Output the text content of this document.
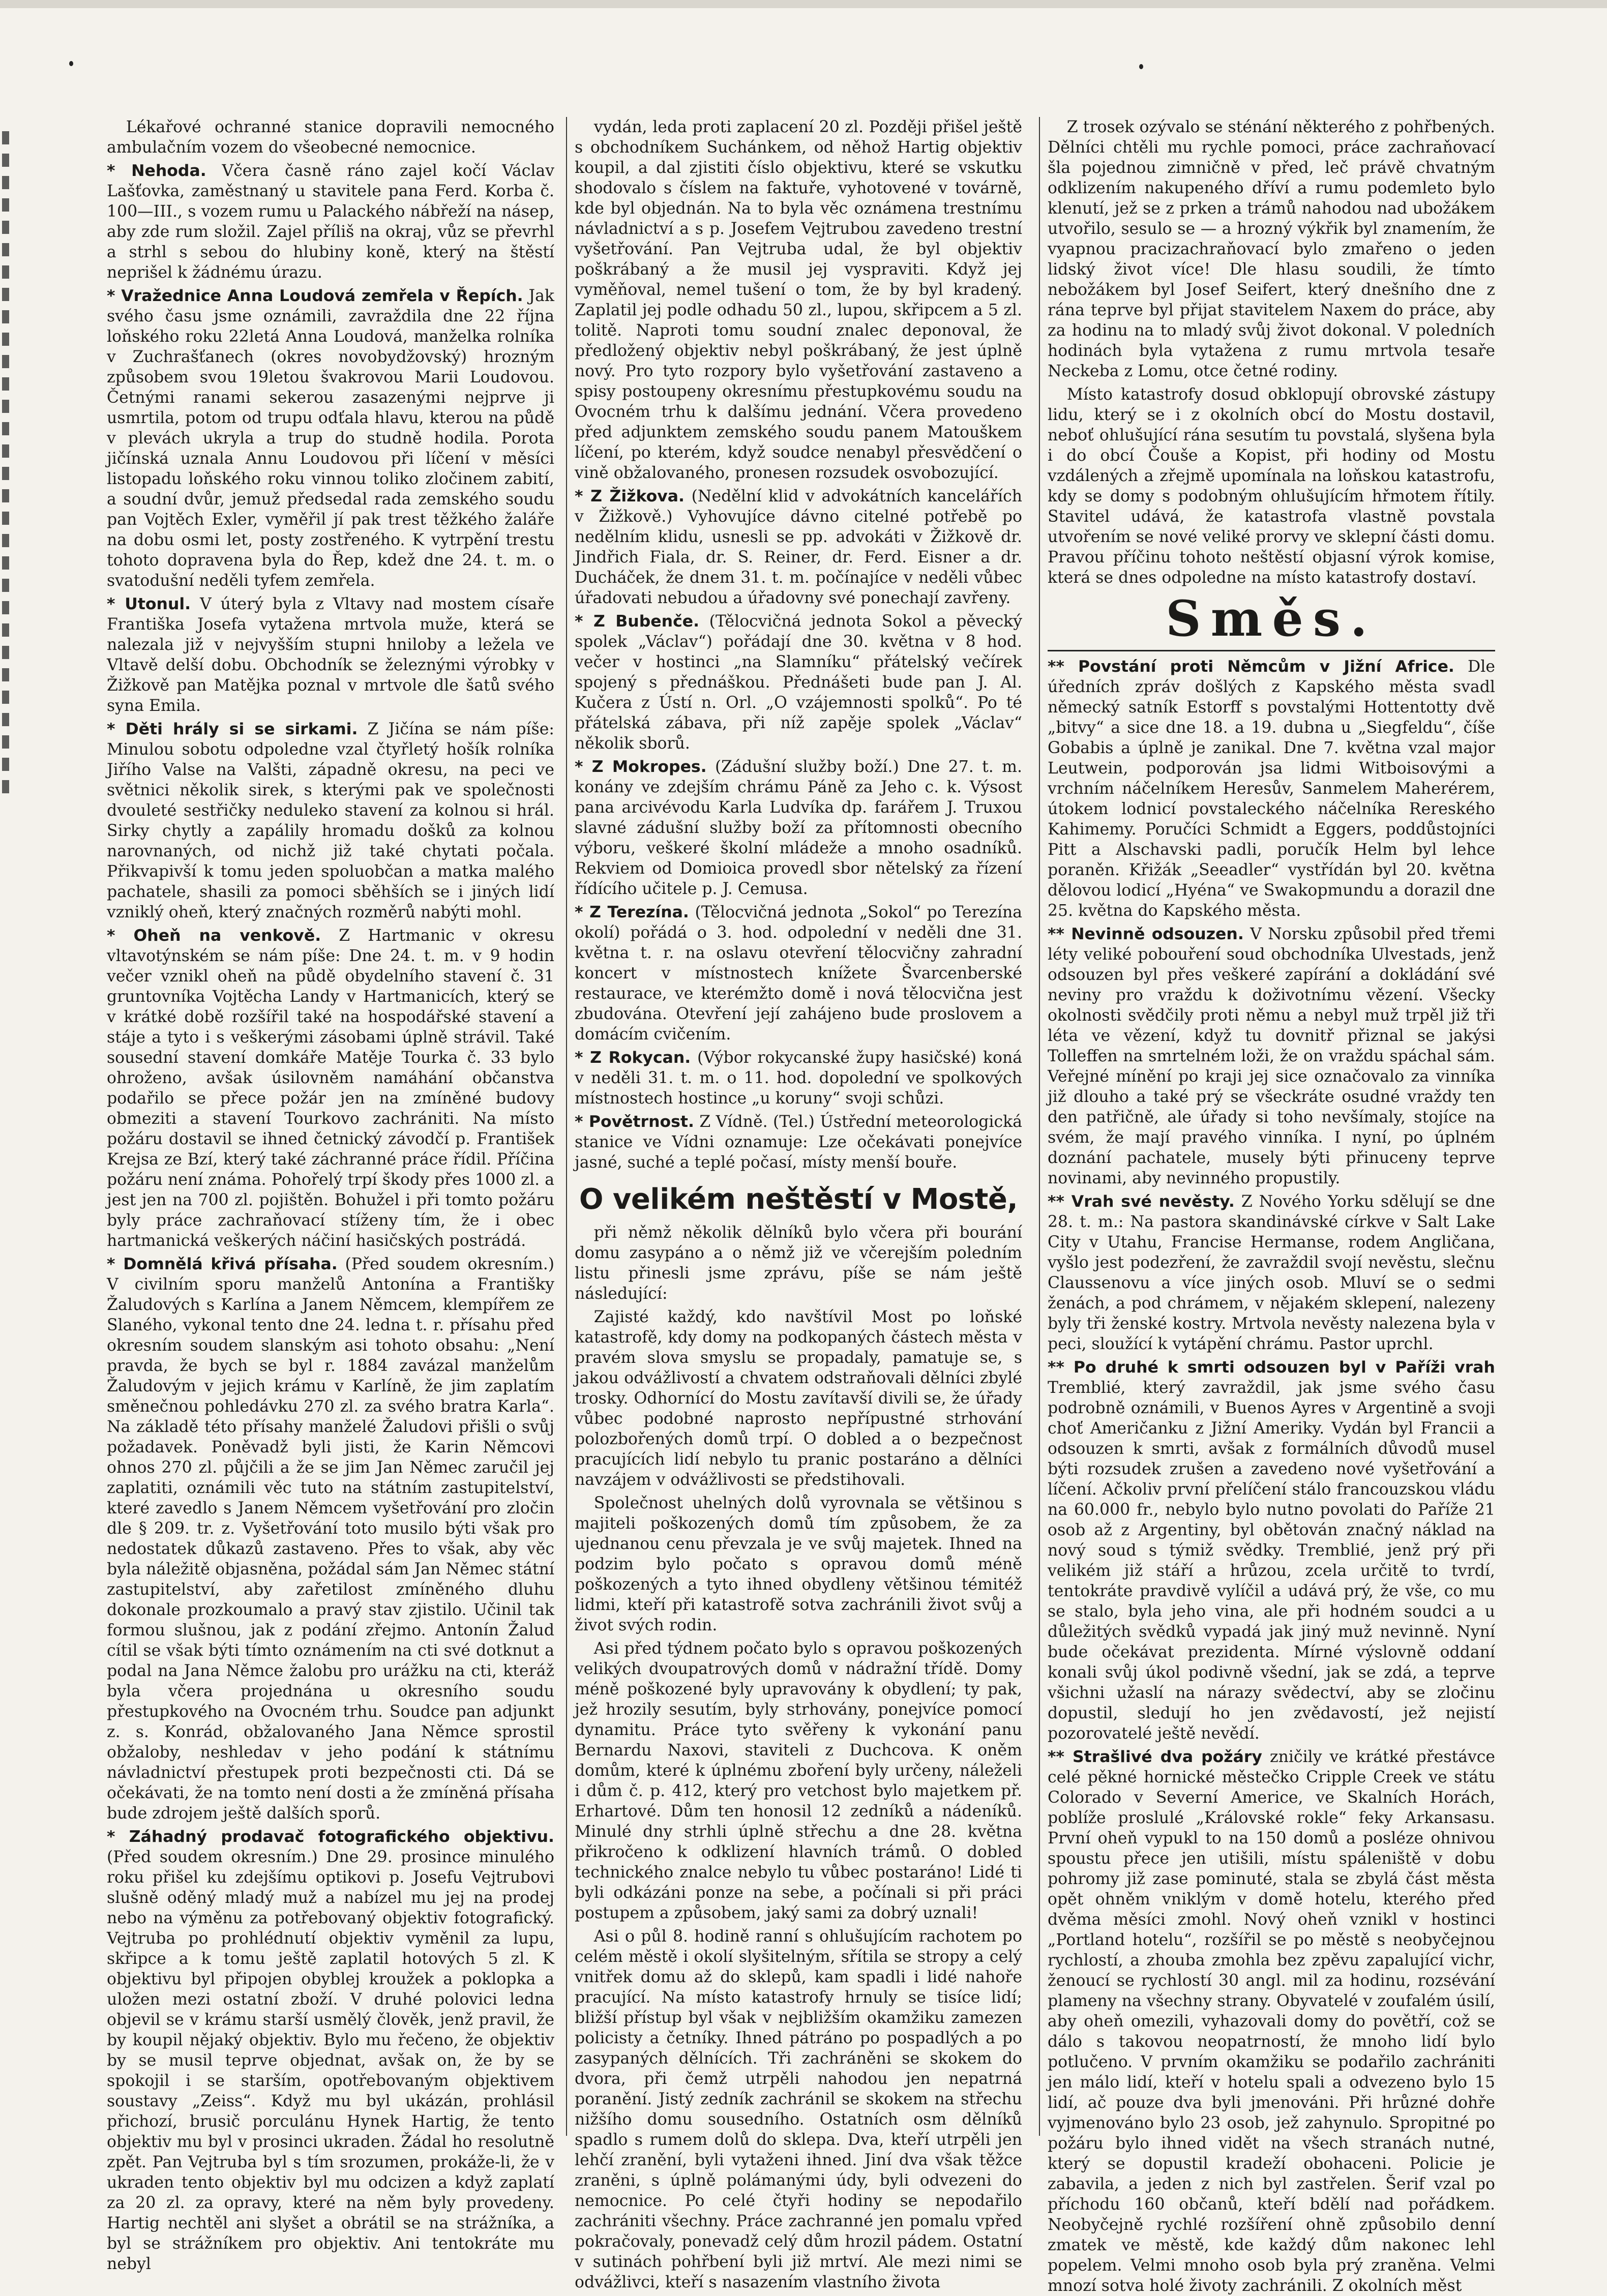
Lékařové ochranné stanice dopravili nemocného ambulačním vozem do všeobecné nemocnice.

* Nehoda. Včera časně ráno zajel kočí Václav Lašťovka, zaměstnaný u stavitele pana Ferd. Korba č. 100—III., s vozem rumu u Palackého nábřeží na násep, aby zde rum složil. Zajel příliš na okraj, vůz se převrhl a strhl s sebou do hlubiny koně, který na štěstí neprišel k žádnému úrazu.

* Vražednice Anna Loudová zemřela v Řepích. Jak svého času jsme oznámili, zavraždila dne 22 října loňského roku 22letá Anna Loudová, manželka rolníka v Zuchrašťanech (okres novobydžovský) hrozným způsobem svou 19letou švakrovou Marii Loudovou. Četnými ranami sekerou zasazenými nejprve ji usmrtila, potom od trupu odťala hlavu, kterou na půdě v plevách ukryla a trup do studně hodila. Porota jičínská uznala Annu Loudovou při líčení v měsíci listopadu loňského roku vinnou toliko zločinem zabití, a soudní dvůr, jemuž předsedal rada zemského soudu pan Vojtěch Exler, vyměřil jí pak trest těžkého žaláře na dobu osmi let, posty zostřeného. K vytrpění trestu tohoto dopravena byla do Řep, kdež dne 24. t. m. o svatodušní neděli tyfem zemřela.

* Utonul. V úterý byla z Vltavy nad mostem císaře Františka Josefa vytažena mrtvola muže, která se nalezala již v nejvyšším stupni hniloby a ležela ve Vltavě delší dobu. Obchodník se železnými výrobky v Žižkově pan Matějka poznal v mrtvole dle šatů svého syna Emila.

* Děti hrály si se sirkami. Z Jičína se nám píše: Minulou sobotu odpoledne vzal čtyřletý hošík rolníka Jiřího Valse na Valšti, západně okresu, na peci ve světnici několik sirek, s kterými pak ve společnosti dvouleté sestřičky neduleko stavení za kolnou si hrál. Sirky chytly a zapálily hromadu došků za kolnou narovnaných, od nichž již také chytati počala. Přikvapivší k tomu jeden spoluobčan a matka malého pachatele, shasili za pomoci sběhších se i jiných lidí vzniklý oheň, který značných rozměrů nabýti mohl.

* Oheň na venkově. Z Hartmanic v okresu vltavotýnském se nám píše: Dne 24. t. m. v 9 hodin večer vznikl oheň na půdě obydelního stavení č. 31 gruntovníka Vojtěcha Landy v Hartmanicích, který se v krátké době rozšířil také na hospodářské stavení a stáje a tyto i s veškerými zásobami úplně strávil. Také sousední stavení domkáře Matěje Tourka č. 33 bylo ohroženo, avšak úsilovněm namáhání občanstva podařilo se přece požár jen na zmíněné budovy obmeziti a stavení Tourkovo zachrániti. Na místo požáru dostavil se ihned četnický závodčí p. František Krejsa ze Bzí, který také záchranné práce řídil. Příčina požáru není známa. Pohořelý trpí škody přes 1000 zl. a jest jen na 700 zl. pojištěn. Bohužel i při tomto požáru byly práce zachraňovací stíženy tím, že i obec hartmanická veškerých náčiní hasičských postrádá.

* Domnělá křivá přísaha. (Před soudem okresním.) V civilním sporu manželů Antonína a Františky Žaludových s Karlína a Janem Němcem, klempířem ze Slaného, vykonal tento dne 24. ledna t. r. přísahu před okresním soudem slanským asi tohoto obsahu: „Není pravda, že bych se byl r. 1884 zavázal manželům Žaludovým v jejich krámu v Karlíně, že jim zaplatím směnečnou pohledávku 270 zl. za svého bratra Karla“. Na základě této přísahy manželé Žaludovi přišli o svůj požadavek. Poněvadž byli jisti, že Karin Němcovi ohnos 270 zl. půjčili a že se jim Jan Němec zaručil jej zaplatiti, oznámili věc tuto na státním zastupitelství, které zavedlo s Janem Němcem vyšetřování pro zločin dle § 209. tr. z. Vyšetřování toto musilo býti však pro nedostatek důkazů zastaveno. Přes to však, aby věc byla náležitě objasněna, požádal sám Jan Němec státní zastupitelství, aby zařetilost zmíněného dluhu dokonale prozkoumalo a pravý stav zjistilo. Učinil tak formou slušnou, jak z podání zřejmo. Antonín Žalud cítil se však býti tímto oznámením na cti své dotknut a podal na Jana Němce žalobu pro urážku na cti, kteráž byla včera projednána u okresního soudu přestupkového na Ovocném trhu. Soudce pan adjunkt z. s. Konrád, obžalovaného Jana Němce sprostil obžaloby, neshledav v jeho podání k státnímu návladnictví přestupek proti bezpečnosti cti. Dá se očekávati, že na tomto není dosti a že zmíněná přísaha bude zdrojem ještě dalších sporů.

* Záhadný prodavač fotografického objektivu. (Před soudem okresním.) Dne 29. prosince minulého roku přišel ku zdejšímu optikovi p. Josefu Vejtrubovi slušně oděný mladý muž a nabízel mu jej na prodej nebo na výměnu za potřebovaný objektiv fotografický. Vejtruba po prohlédnutí objektiv vyměnil za lupu, skřipce a k tomu ještě zaplatil hotových 5 zl. K objektivu byl připojen obyblej kroužek a poklopka a uložen mezi ostatní zboží. V druhé polovici ledna objevil se v krámu starší usmělý člověk, jenž pravil, že by koupil nějaký objektiv. Bylo mu řečeno, že objektiv by se musil teprve objednat, avšak on, že by se spokojil i se starším, opotřebovaným objektivem soustavy „Zeiss“. Když mu byl ukázán, prohlásil přichozí, brusič porculánu Hynek Hartig, že tento objektiv mu byl v prosinci ukraden. Žádal ho resolutně zpět. Pan Vejtruba byl s tím srozumen, prokáže-li, že v ukraden tento objektiv byl mu odcizen a když zaplatí za 20 zl. za opravy, které na něm byly provedeny. Hartig nechtěl ani slyšet a obrátil se na strážníka, a byl se strážníkem pro objektiv. Ani tentokráte mu nebyl

vydán, leda proti zaplacení 20 zl. Později přišel ještě s obchodníkem Suchánkem, od něhož Hartig objektiv koupil, a dal zjistiti číslo objektivu, které se vskutku shodovalo s číslem na faktuře, vyhotovené v továrně, kde byl objednán. Na to byla věc oznámena trestnímu návladnictví a s p. Josefem Vejtrubou zavedeno trestní vyšetřování. Pan Vejtruba udal, že byl objektiv poškrábaný a že musil jej vyspraviti. Když jej vyměňoval, nemel tušení o tom, že by byl kradený. Zaplatil jej podle odhadu 50 zl., lupou, skřipcem a 5 zl. tolitě. Naproti tomu soudní znalec deponoval, že předložený objektiv nebyl poškrábaný, že jest úplně nový. Pro tyto rozpory bylo vyšetřování zastaveno a spisy postoupeny okresnímu přestupkovému soudu na Ovocném trhu k dalšímu jednání. Včera provedeno před adjunktem zemského soudu panem Matouškem líčení, po kterém, když soudce nenabyl přesvědčení o vině obžalovaného, pronesen rozsudek osvobozující.

* Z Žižkova. (Nedělní klid v advokátních kancelářích v Žižkově.) Vyhovujíce dávno citelné potřebě po nedělním klidu, usnesli se pp. advokáti v Žižkově dr. Jindřich Fiala, dr. S. Reiner, dr. Ferd. Eisner a dr. Ducháček, že dnem 31. t. m. počínajíce v neděli vůbec úřadovati nebudou a úřadovny své ponechají zavřeny.

* Z Bubenče. (Tělocvičná jednota Sokol a pěvecký spolek „Václav“) pořádají dne 30. května v 8 hod. večer v hostinci „na Slamníku“ přátelský večírek spojený s přednáškou. Přednášeti bude pan J. Al. Kučera z Ústí n. Orl. „O vzájemnosti spolků“. Po té přátelská zábava, při níž zapěje spolek „Václav“ několik sborů.

* Z Mokropes. (Zádušní služby boží.) Dne 27. t. m. konány ve zdejším chrámu Páně za Jeho c. k. Výsost pana arcivévodu Karla Ludvíka dp. farářem J. Truxou slavné zádušní služby boží za přítomnosti obecního výboru, veškeré školní mládeže a mnoho osadníků. Rekviem od Domioica provedl sbor nětelský za řízení řídícího učitele p. J. Cemusa.

* Z Terezína. (Tělocvičná jednota „Sokol“ po Terezína okolí) pořádá o 3. hod. odpolední v neděli dne 31. května t. r. na oslavu otevření tělocvičny zahradní koncert v místnostech knížete Švarcenberské restaurace, ve kterémžto domě i nová tělocvična jest zbudována. Otevření její zahájeno bude proslovem a domácím cvičením.

* Z Rokycan. (Výbor rokycanské župy hasičské) koná v neděli 31. t. m. o 11. hod. dopolední ve spolkových místnostech hostince „u koruny“ svoji schůzi.

* Povětrnost. Z Vídně. (Tel.) Ústřední meteorologická stanice ve Vídni oznamuje: Lze očekávati ponejvíce jasné, suché a teplé počasí, místy menší bouře.

O velikém neštěstí v Mostě,

při němž několik dělníků bylo včera při bourání domu zasypáno a o němž již ve včerejším poledním listu přinesli jsme zprávu, píše se nám ještě následující:

Zajisté každý, kdo navštívil Most po loňské katastrofě, kdy domy na podkopaných částech města v pravém slova smyslu se propadaly, pamatuje se, s jakou odvážlivostí a chvatem odstraňovali dělníci zbylé trosky. Odhornící do Mostu zavítavší divili se, že úřady vůbec podobné naprosto nepřípustné strhování polozbořených domů trpí. O dobled a o bezpečnost pracujících lidí nebylo tu pranic postaráno a dělníci navzájem v odvážlivosti se předstihovali.

Společnost uhelných dolů vyrovnala se většinou s majiteli poškozených domů tím způsobem, že za ujednanou cenu převzala je ve svůj majetek. Ihned na podzim bylo počato s opravou domů méně poškozených a tyto ihned obydleny většinou témitéž lidmi, kteří při katastrofě sotva zachránili život svůj a život svých rodin.

Asi před týdnem počato bylo s opravou poškozených velikých dvoupatrových domů v nádražní třídě. Domy méně poškozené byly upravovány k obydlení; ty pak, jež hrozily sesutím, byly strhovány, ponejvíce pomocí dynamitu. Práce tyto svěřeny k vykonání panu Bernardu Naxovi, staviteli z Duchcova. K oněm domům, které k úplnému zboření byly určeny, náleželi i dům č. p. 412, který pro vetchost bylo majetkem př. Erhartové. Dům ten honosil 12 zedníků a nádeníků. Minulé dny strhli úplně střechu a dne 28. května přikročeno k odklizení hlavních trámů. O dobled technického znalce nebylo tu vůbec postaráno! Lidé ti byli odkázáni ponze na sebe, a počínali si při práci postupem a způsobem, jaký sami za dobrý uznali!

Asi o půl 8. hodině ranní s ohlušujícím rachotem po celém městě i okolí slyšitelným, sřítila se stropy a celý vnitřek domu až do sklepů, kam spadli i lidé nahoře pracující. Na místo katastrofy hrnuly se tisíce lidí; bližší přístup byl však v nejbližším okamžiku zamezen policisty a četníky. Ihned pátráno po pospadlých a po zasypaných dělnících. Tři zachráněni se skokem do dvora, při čemž utrpěli nahodou jen nepatrná poranění. Jistý zedník zachránil se skokem na střechu nižšího domu sousedního. Ostatních osm dělníků spadlo s rumem dolů do sklepa. Dva, kteří utrpěli jen lehčí zranění, byli vytaženi ihned. Jiní dva však těžce zraněni, s úplně polámanými údy, byli odvezeni do nemocnice. Po celé čtyři hodiny se nepodařilo zachrániti všechny. Práce zachranné jen pomalu vpřed pokračovaly, ponevadž celý dům hrozil pádem. Ostatní v sutinách pohřbení byli již mrtví. Ale mezi nimi se odvážlivci, kteří s nasazením vlastního života

Z trosek ozývalo se sténání některého z pohřbených. Dělníci chtěli mu rychle pomoci, práce zachraňovací šla pojednou zimničně v před, leč právě chvatným odklizením nakupeného dříví a rumu podemleto bylo klenutí, jež se z prken a trámů nahodou nad ubožákem utvořilo, sesulo se — a hrozný výkřik byl znamením, že vyapnou pracizachraňovací bylo zmařeno o jeden lidský život více! Dle hlasu soudili, že tímto nebožákem byl Josef Seifert, který dnešního dne z rána teprve byl přijat stavitelem Naxem do práce, aby za hodinu na to mladý svůj život dokonal. V poledních hodinách byla vytažena z rumu mrtvola tesaře Neckeba z Lomu, otce četné rodiny.

Místo katastrofy dosud obklopují obrovské zástupy lidu, který se i z okolních obcí do Mostu dostavil, neboť ohlušující rána sesutím tu povstalá, slyšena byla i do obcí Čouše a Kopist, při hodiny od Mostu vzdálených a zřejmě upomínala na loňskou katastrofu, kdy se domy s podobným ohlušujícím hřmotem řítily. Stavitel udává, že katastrofa vlastně povstala utvořením se nové veliké prorvy ve sklepní části domu. Pravou příčinu tohoto neštěstí objasní výrok komise, která se dnes odpoledne na místo katastrofy dostaví.

Směs.

** Povstání proti Němcům v Jižní Africe. Dle úředních zpráv došlých z Kapského města svadl německý satník Estorff s povstalými Hottentotty dvě „bitvy“ a sice dne 18. a 19. dubna u „Siegfeldu“, číše Gobabis a úplně je zanikal. Dne 7. května vzal major Leutwein, podporován jsa lidmi Witboisovými a vrchním náčelníkem Heresův, Sanmelem Maherérem, útokem lodnicí povstaleckého náčelníka Rereského Kahimemy. Poručíci Schmidt a Eggers, poddůstojníci Pitt a Alschavski padli, poručík Helm byl lehce poraněn. Křižák „Seeadler“ vystřídán byl 20. května dělovou lodicí „Hyéna“ ve Swakopmundu a dorazil dne 25. května do Kapského města.

** Nevinně odsouzen. V Norsku způsobil před třemi léty veliké pobouření soud obchodníka Ulvestads, jenž odsouzen byl přes veškeré zapírání a dokládání své neviny pro vraždu k doživotnímu vězení. Všecky okolnosti svědčily proti němu a nebyl muž trpěl již tři léta ve vězení, když tu dovnitř přiznal se jakýsi Tolleffen na smrtelném loži, že on vraždu spáchal sám. Veřejné mínění po kraji jej sice označovalo za vinníka již dlouho a také prý se všeckráte osudné vraždy ten den patřičně, ale úřady si toho nevšímaly, stojíce na svém, že mají pravého vinníka. I nyní, po úplném doznání pachatele, musely býti přinuceny teprve novinami, aby nevinného propustily.

** Vrah své nevěsty. Z Nového Yorku sdělují se dne 28. t. m.: Na pastora skandinávské církve v Salt Lake City v Utahu, Francise Hermanse, rodem Angličana, vyšlo jest podezření, že zavraždil svojí nevěstu, slečnu Claussenovu a více jiných osob. Mluví se o sedmi ženách, a pod chrámem, v nějakém sklepení, nalezeny byly tři ženské kostry. Mrtvola nevěsty nalezena byla v peci, sloužící k vytápění chrámu. Pastor uprchl.

** Po druhé k smrti odsouzen byl v Paříži vrah Tremblié, který zavraždil, jak jsme svého času podrobně oznámili, v Buenos Ayres v Argentině a svoji choť Američanku z Jižní Ameriky. Vydán byl Francii a odsouzen k smrti, avšak z formálních důvodů musel býti rozsudek zrušen a zavedeno nové vyšetřování a líčení. Ačkoliv první přelíčení stálo francouzskou vládu na 60.000 fr., nebylo bylo nutno povolati do Paříže 21 osob až z Argentiny, byl obětován značný náklad na nový soud s týmiž svědky. Tremblié, jenž prý při velikém již stáří a hrůzou, zcela určitě to tvrdí, tentokráte pravdivě vylíčil a udává prý, že vše, co mu se stalo, byla jeho vina, ale při hodném soudci a u důležitých svědků vypadá jak jiný muž nevinně. Nyní bude očekávat prezidenta. Mírné výslovně oddaní konali svůj úkol podivně všední, jak se zdá, a teprve všichni užaslí na nárazy svědectví, aby se zločinu dopustil, sledují ho jen zvědavostí, jež nejistí pozorovatelé ještě nevědí.

** Strašlivé dva požáry zničily ve krátké přestávce celé pěkné hornické městečko Cripple Creek ve státu Colorado v Severní Americe, ve Skalních Horách, poblíže proslulé „Královské rokle“ feky Arkansasu. První oheň vypukl to na 150 domů a posléze ohnivou spoustu přece jen utišili, místu spáleniště v dobu pohromy již zase pominuté, stala se zbylá část města opět ohněm vniklým v domě hotelu, kterého před dvěma měsíci zmohl. Nový oheň vznikl v hostinci „Portland hotelu“, rozšířil se po městě s neobyčejnou rychlostí, a zhouba zmohla bez zpěvu zapalující vichr, ženoucí se rychlostí 30 angl. mil za hodinu, rozsévání plameny na všechny strany. Obyvatelé v zoufalém úsilí, aby oheň omezili, vyhazovali domy do povětří, což se dálo s takovou neopatrností, že mnoho lidí bylo potlučeno. V prvním okamžiku se podařilo zachrániti jen málo lidí, kteří v hotelu spali a odvezeno bylo 15 lidí, ač pouze dva byli jmenováni. Při hrůzné dohře vyjmenováno bylo 23 osob, jež zahynulo. Spropitné po požáru bylo ihned vidět na všech stranách nutné, který se dopustil kradeží obohaceni. Policie je zabavila, a jeden z nich byl zastřelen. Šerif vzal po příchodu 160 občanů, kteří bdělí nad pořádkem. Neobyčejně rychlé rozšíření ohně způsobilo denní zmatek ve městě, kde každý dům nakonec lehl popelem. Velmi mnoho osob byla prý zraněna. Velmi mnozí sotva holé životy zachránili. Z okolních měst
